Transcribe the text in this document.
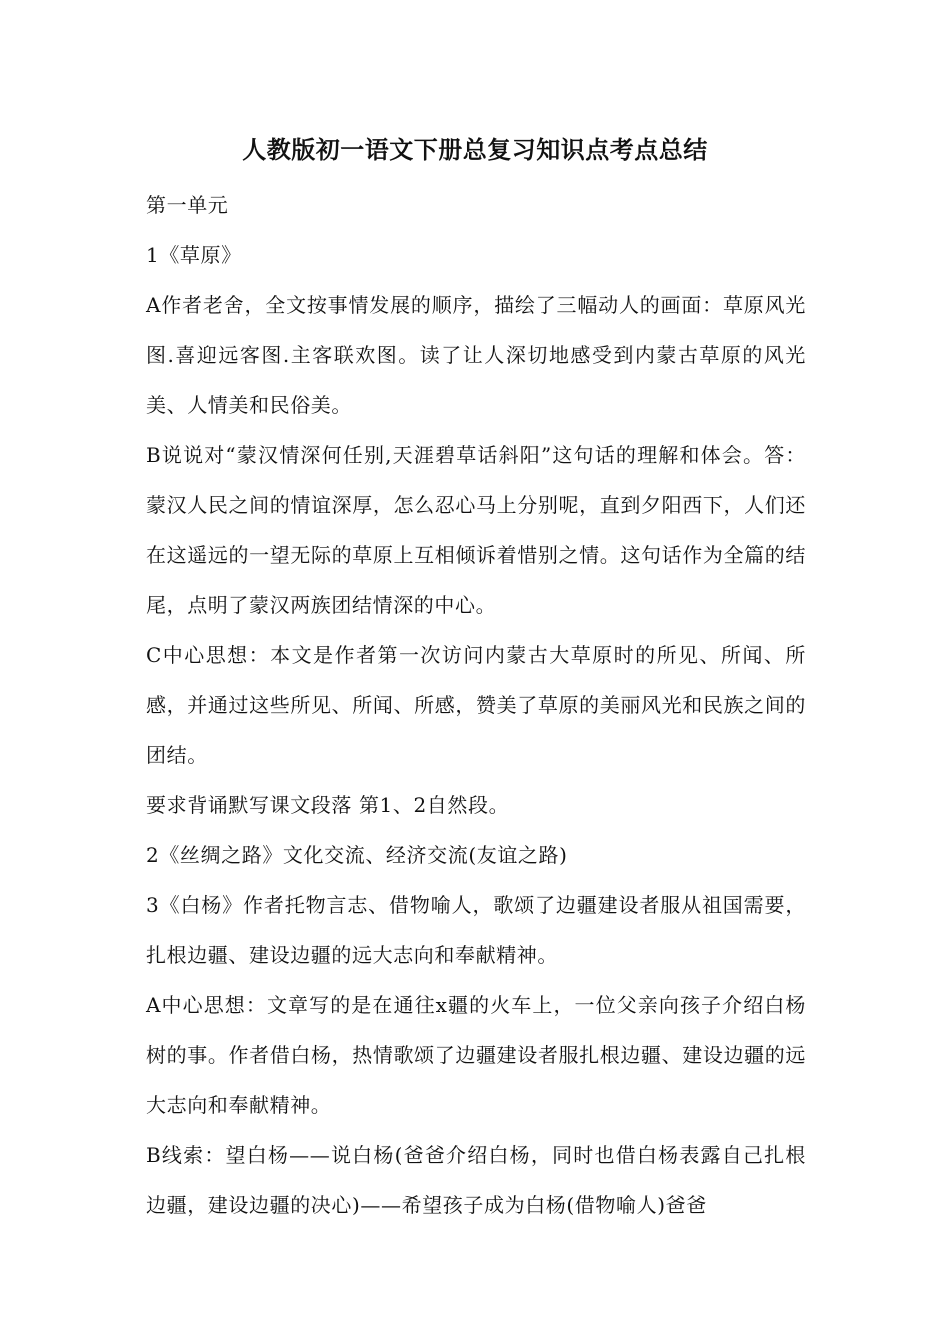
人教版初一语文下册总复习知识点考点总结

第一单元

1《草原》

A作者老舍，全文按事情发展的顺序，描绘了三幅动人的画面：草原风光图.喜迎远客图.主客联欢图。读了让人深切地感受到内蒙古草原的风光美、人情美和民俗美。

B说说对“蒙汉情深何任别,天涯碧草话斜阳”这句话的理解和体会。答：蒙汉人民之间的情谊深厚，怎么忍心马上分别呢，直到夕阳西下，人们还在这遥远的一望无际的草原上互相倾诉着惜别之情。这句话作为全篇的结尾，点明了蒙汉两族团结情深的中心。

C中心思想：本文是作者第一次访问内蒙古大草原时的所见、所闻、所感，并通过这些所见、所闻、所感，赞美了草原的美丽风光和民族之间的团结。

要求背诵默写课文段落 第1、2自然段。

2《丝绸之路》文化交流、经济交流(友谊之路)

3《白杨》作者托物言志、借物喻人，歌颂了边疆建设者服从祖国需要，扎根边疆、建设边疆的远大志向和奉献精神。

A中心思想：文章写的是在通往x疆的火车上，一位父亲向孩子介绍白杨树的事。作者借白杨，热情歌颂了边疆建设者服扎根边疆、建设边疆的远大志向和奉献精神。

B线索：望白杨——说白杨(爸爸介绍白杨，同时也借白杨表露自己扎根边疆，建设边疆的决心)——希望孩子成为白杨(借物喻人)爸爸
